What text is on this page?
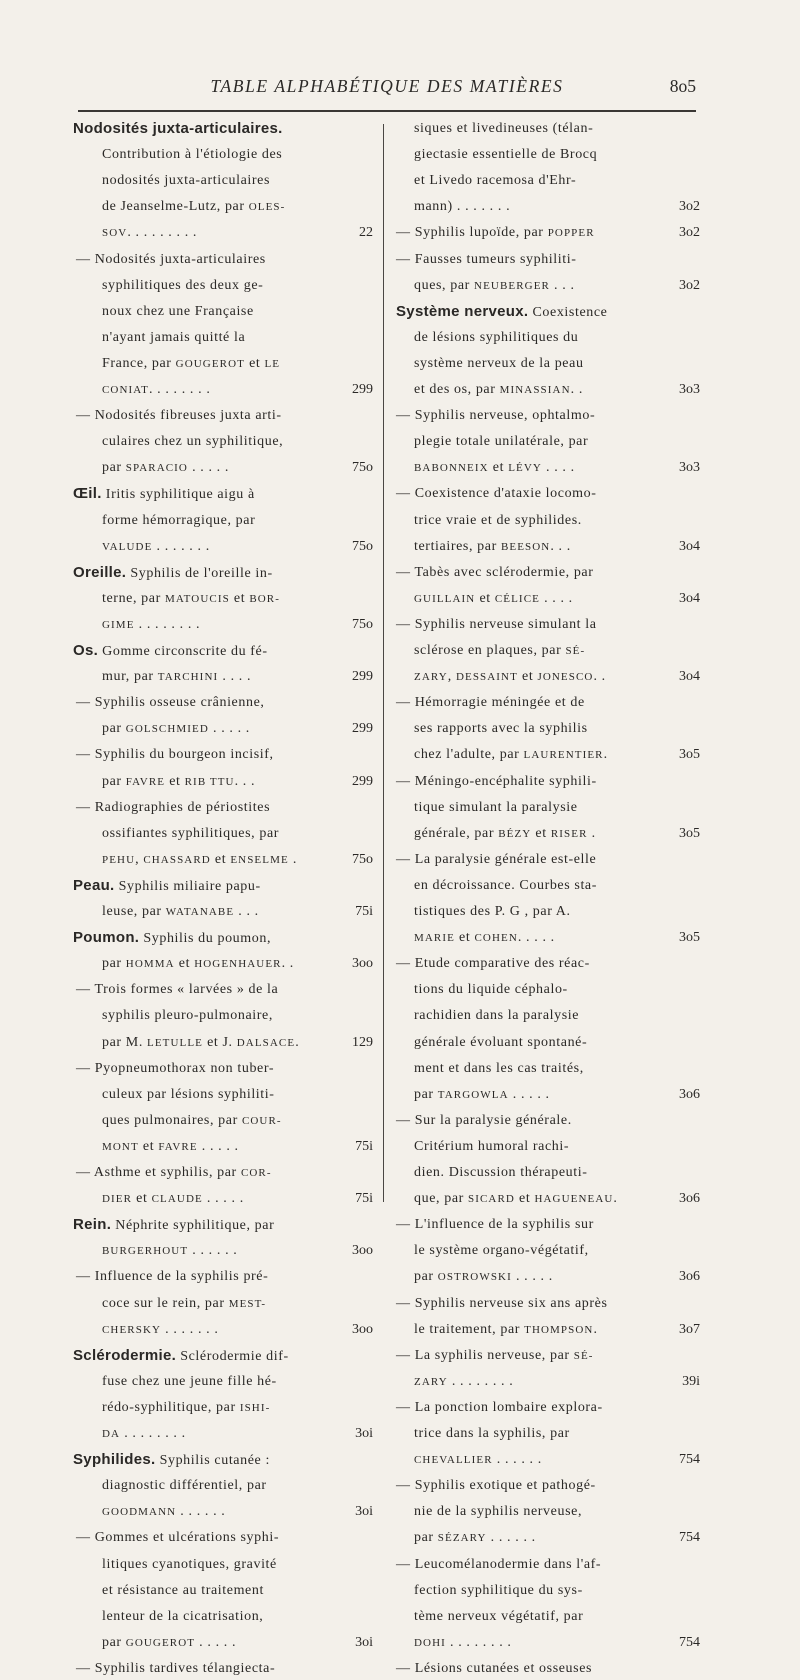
TABLE ALPHABÉTIQUE DES MATIÈRES	8o5
Nodosités juxta-articulaires.
Contribution à l'étiologie des
nodosités juxta-articulaires
de Jeanselme-Lutz, par OLES-
SOV. . . . . . . . .	22
— Nodosités juxta-articulaires
syphilitiques des deux ge-
noux chez une Française
n'ayant jamais quitté la
France, par GOUGEROT et LE
CONIAT. . . . . . . .	299
— Nodosités fibreuses juxta arti-
culaires chez un syphilitique,
par SPARACIO . . . . .	75o
Œil. Iritis syphilitique aigu à
forme hémorragique, par
VALUDE . . . . . . .	75o
Oreille. Syphilis de l'oreille in-
terne, par MATOUCIS et BOR-
GIME . . . . . . . .	75o
Os. Gomme circonscrite du fé-
mur, par TARCHINI . . . .	299
— Syphilis osseuse crânienne,
par GOLSCHMIED . . . . .	299
— Syphilis du bourgeon incisif,
par FAVRE et RIB TTU. . .	299
— Radiographies de périostites
ossifiantes syphilitiques, par
PEHU, CHASSARD et ENSELME .	75o
Peau. Syphilis miliaire papu-
leuse, par WATANABE . . .	75i
Poumon. Syphilis du poumon,
par HOMMA et HOGENHAUER. .	3oo
— Trois formes « larvées » de la
syphilis pleuro-pulmonaire,
par M. LETULLE et J. DALSACE.	129
— Pyopneumothorax non tuber-
culeux par lésions syphiliti-
ques pulmonaires, par COUR-
MONT et FAVRE . . . . .	75i
— Asthme et syphilis, par COR-
DIER et CLAUDE . . . . .	75i
Rein. Néphrite syphilitique, par
BURGERHOUT . . . . . .	3oo
— Influence de la syphilis pré-
coce sur le rein, par MEST-
CHERSKY . . . . . . .	3oo
Sclérodermie. Sclérodermie dif-
fuse chez une jeune fille hé-
rédo-syphilitique, par ISHI-
DA . . . . . . . .	3oi
Syphilides. Syphilis cutanée :
diagnostic différentiel, par
GOODMANN . . . . . .	3oi
— Gommes et ulcérations syphi-
litiques cyanotiques, gravité
et résistance au traitement
lenteur de la cicatrisation,
par GOUGEROT . . . . .	3oi
— Syphilis tardives télangiecta-
siques et livedineuses (télan-
giectasie essentielle de Brocq
et Livedo racemosa d'Ehr-
mann) . . . . . . .	3o2
— Syphilis lupoïde, par POPPER	3o2
— Fausses tumeurs syphiliti-
ques, par NEUBERGER . . .	3o2
Système nerveux. Coexistence
de lésions syphilitiques du
système nerveux de la peau
et des os, par MINASSIAN. .	3o3
— Syphilis nerveuse, ophtalmo-
plegie totale unilatérale, par
BABONNEIX et LÉVY . . . .	3o3
— Coexistence d'ataxie locomo-
trice vraie et de syphilides.
tertiaires, par BEESON. . .	3o4
— Tabès avec sclérodermie, par
GUILLAIN et CÉLICE . . . .	3o4
— Syphilis nerveuse simulant la
sclérose en plaques, par SÉ-
ZARY, DESSAINT et JONESCO. .	3o4
— Hémorragie méningée et de
ses rapports avec la syphilis
chez l'adulte, par LAURENTIER.	3o5
— Méningo-encéphalite syphili-
tique simulant la paralysie
générale, par BÉZY et RISER .	3o5
— La paralysie générale est-elle
en décroissance. Courbes sta-
tistiques des P. G , par A.
MARIE et COHEN. . . . .	3o5
— Etude comparative des réac-
tions du liquide céphalo-
rachidien dans la paralysie
générale évoluant spontané-
ment et dans les cas traités,
par TARGOWLA . . . . .	3o6
— Sur la paralysie générale.
Critérium humoral rachi-
dien. Discussion thérapeuti-
que, par SICARD et HAGUENEAU.	3o6
— L'influence de la syphilis sur
le système organo-végétatif,
par OSTROWSKI . . . . .	3o6
— Syphilis nerveuse six ans après
le traitement, par THOMPSON.	3o7
— La syphilis nerveuse, par SÉ-
ZARY . . . . . . . .	39i
— La ponction lombaire explora-
trice dans la syphilis, par
CHEVALLIER . . . . . .	754
— Syphilis exotique et pathogé-
nie de la syphilis nerveuse,
par SÉZARY . . . . . .	754
— Leucomélanodermie dans l'af-
fection syphilitique du sys-
tème nerveux végétatif, par
DOHI . . . . . . . .	754
— Lésions cutanées et osseuses
